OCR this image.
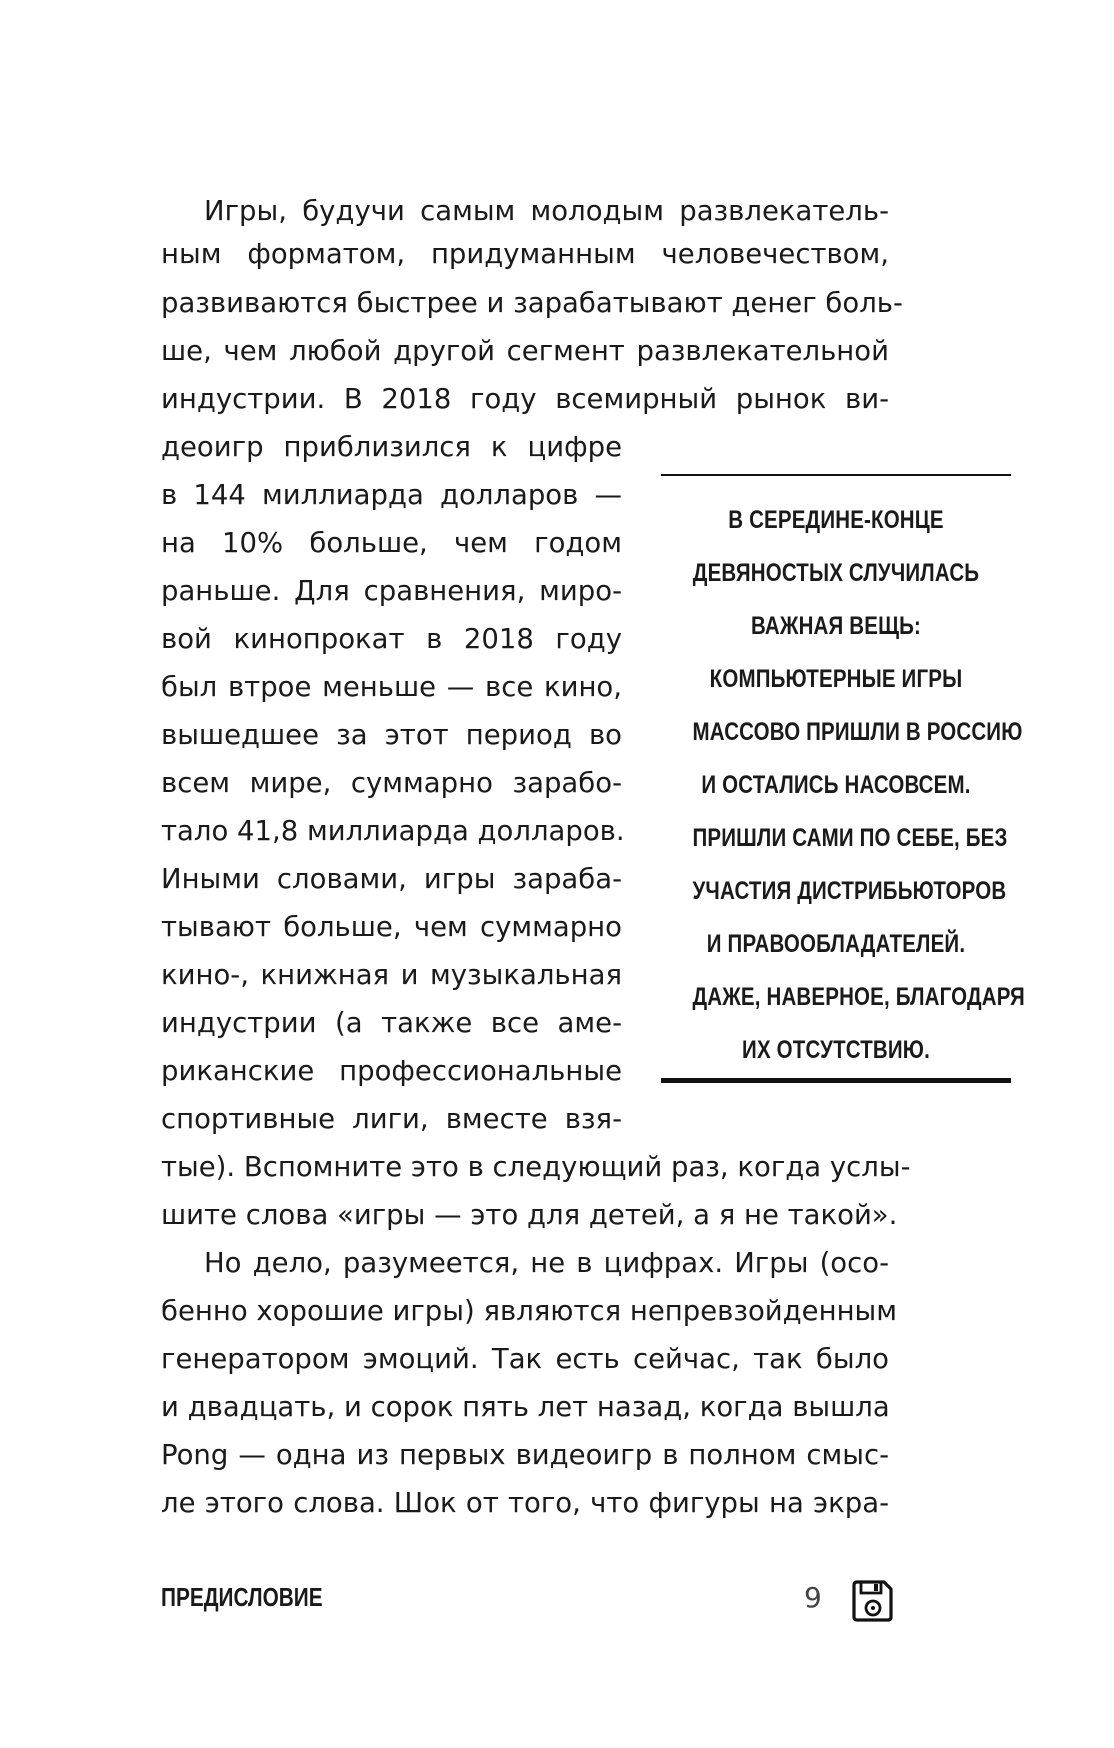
Игры, будучи самым молодым развлекатель-
ным форматом, придуманным человечеством,
развиваются быстрее и зарабатывают денег боль-
ше, чем любой другой сегмент развлекательной
индустрии. В 2018 году всемирный рынок ви-
деоигр приблизился к цифре
в 144 миллиарда долларов —
на 10% больше, чем годом
раньше. Для сравнения, миро-
вой кинопрокат в 2018 году
был втрое меньше — все кино,
вышедшее за этот период во
всем мире, суммарно зарабо-
тало 41,8 миллиарда долларов.
Иными словами, игры зараба-
тывают больше, чем суммарно
кино-, книжная и музыкальная
индустрии (а также все аме-
риканские профессиональные
спортивные лиги, вместе взя-
тые). Вспомните это в следующий раз, когда услы-
шите слова «игры — это для детей, а я не такой».
Но дело, разумеется, не в цифрах. Игры (осо-
бенно хорошие игры) являются непревзойденным
генератором эмоций. Так есть сейчас, так было
и двадцать, и сорок пять лет назад, когда вышла
Pong — одна из первых видеоигр в полном смыс-
ле этого слова. Шок от того, что фигуры на экра-
В СЕРЕДИНЕ-КОНЦЕ
ДЕВЯНОСТЫХ СЛУЧИЛАСЬ
ВАЖНАЯ ВЕЩЬ:
КОМПЬЮТЕРНЫЕ ИГРЫ
МАССОВО ПРИШЛИ В РОССИЮ
И ОСТАЛИСЬ НАСОВСЕМ.
ПРИШЛИ САМИ ПО СЕБЕ, БЕЗ
УЧАСТИЯ ДИСТРИБЬЮТОРОВ
И ПРАВООБЛАДАТЕЛЕЙ.
ДАЖЕ, НАВЕРНОЕ, БЛАГОДАРЯ
ИХ ОТСУТСТВИЮ.
ПРЕДИСЛОВИЕ	9
